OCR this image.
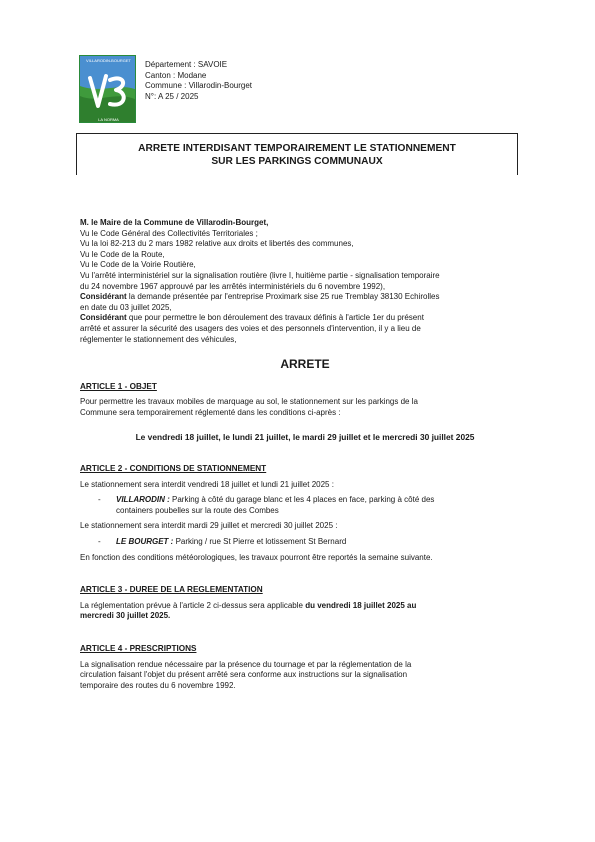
VILLARODIN-BOURGET
LA NORMA
Département : SAVOIE
Canton : Modane
Commune : Villarodin-Bourget
N°: A 25 / 2025
ARRETE INTERDISANT TEMPORAIREMENT LE STATIONNEMENT
SUR LES PARKINGS COMMUNAUX

M. le Maire de la Commune de Villarodin-Bourget,

Vu le Code Général des Collectivités Territoriales ;

Vu la loi 82-213 du 2 mars 1982 relative aux droits et libertés des communes,

Vu le Code de la Route,

Vu le Code de la Voirie Routière,

Vu l'arrêté interministériel sur la signalisation routière (livre I, huitième partie - signalisation temporaire

du 24 novembre 1967 approuvé par les arrêtés interministériels du 6 novembre 1992),

Considérant la demande présentée par l'entreprise Proximark sise 25 rue Tremblay 38130 Echirolles

en date du 03 juillet 2025,

Considérant que pour permettre le bon déroulement des travaux définis à l'article 1er du présent

arrêté et assurer la sécurité des usagers des voies et des personnels d'intervention, il y a lieu de

réglementer le stationnement des véhicules,

ARRETE
ARTICLE 1 - OBJET

Pour permettre les travaux mobiles de marquage au sol, le stationnement sur les parkings de la

Commune sera temporairement réglementé dans les conditions ci-après :

Le vendredi 18 juillet, le lundi 21 juillet, le mardi 29 juillet et le mercredi 30 juillet 2025
ARTICLE 2 - CONDITIONS DE STATIONNEMENT

Le stationnement sera interdit vendredi 18 juillet et lundi 21 juillet 2025 :

- VILLARODIN : Parking à côté du garage blanc et les 4 places en face, parking à côté des

containers poubelles sur la route des Combes

Le stationnement sera interdit mardi 29 juillet et mercredi 30 juillet 2025 :

- LE BOURGET : Parking / rue St Pierre et lotissement St Bernard

En fonction des conditions météorologiques, les travaux pourront être reportés la semaine suivante.

ARTICLE 3 - DUREE DE LA REGLEMENTATION

La réglementation prévue à l'article 2 ci-dessus sera applicable du vendredi 18 juillet 2025 au

mercredi 30 juillet 2025.

ARTICLE 4 - PRESCRIPTIONS

La signalisation rendue nécessaire par la présence du tournage et par la réglementation de la

circulation faisant l'objet du présent arrêté sera conforme aux instructions sur la signalisation

temporaire des routes du 6 novembre 1992.
